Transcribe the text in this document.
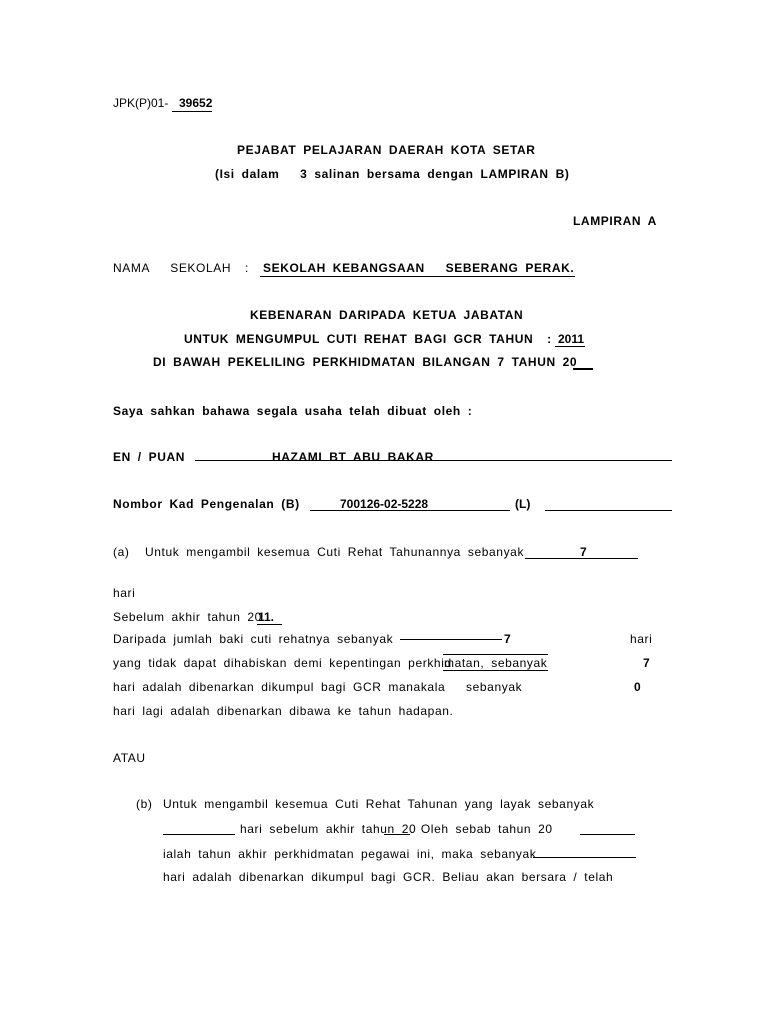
JPK(P)01- 39652
PEJABAT PELAJARAN DAERAH KOTA SETAR
(Isi dalam   3 salinan bersama dengan LAMPIRAN B)
LAMPIRAN A
NAMA   SEKOLAH  : SEKOLAH KEBANGSAAN   SEBERANG PERAK.
KEBENARAN DARIPADA KETUA JABATAN
UNTUK MENGUMPUL CUTI REHAT BAGI GCR TAHUN  : 2011
DI BAWAH PEKELILING PERKHIDMATAN BILANGAN 7 TAHUN 20
Saya sahkan bahawa segala usaha telah dibuat oleh :
EN / PUAN	HAZAMI BT ABU BAKAR
Nombor Kad Pengenalan (B)	700126-02-5228	(L)
(a) Untuk mengambil kesemua Cuti Rehat Tahunannya sebanyak	7
hari
Sebelum akhir tahun 20
11.
Daripada jumlah baki cuti rehatnya sebanyak	7	hari
yang tidak dapat dihabiskan demi kepentingan perkhid
matan, sebanyak	7
hari adalah dibenarkan dikumpul bagi GCR manakala   sebanyak	0
hari lagi adalah dibenarkan dibawa ke tahun hadapan.
ATAU
(b) Untuk mengambil kesemua Cuti Rehat Tahunan yang layak sebanyak
hari sebelum akhir tahun 20
. Oleh sebab tahun 20
ialah tahun akhir perkhidmatan pegawai ini, maka sebanyak
hari adalah dibenarkan dikumpul bagi GCR. Beliau akan bersara / telah
